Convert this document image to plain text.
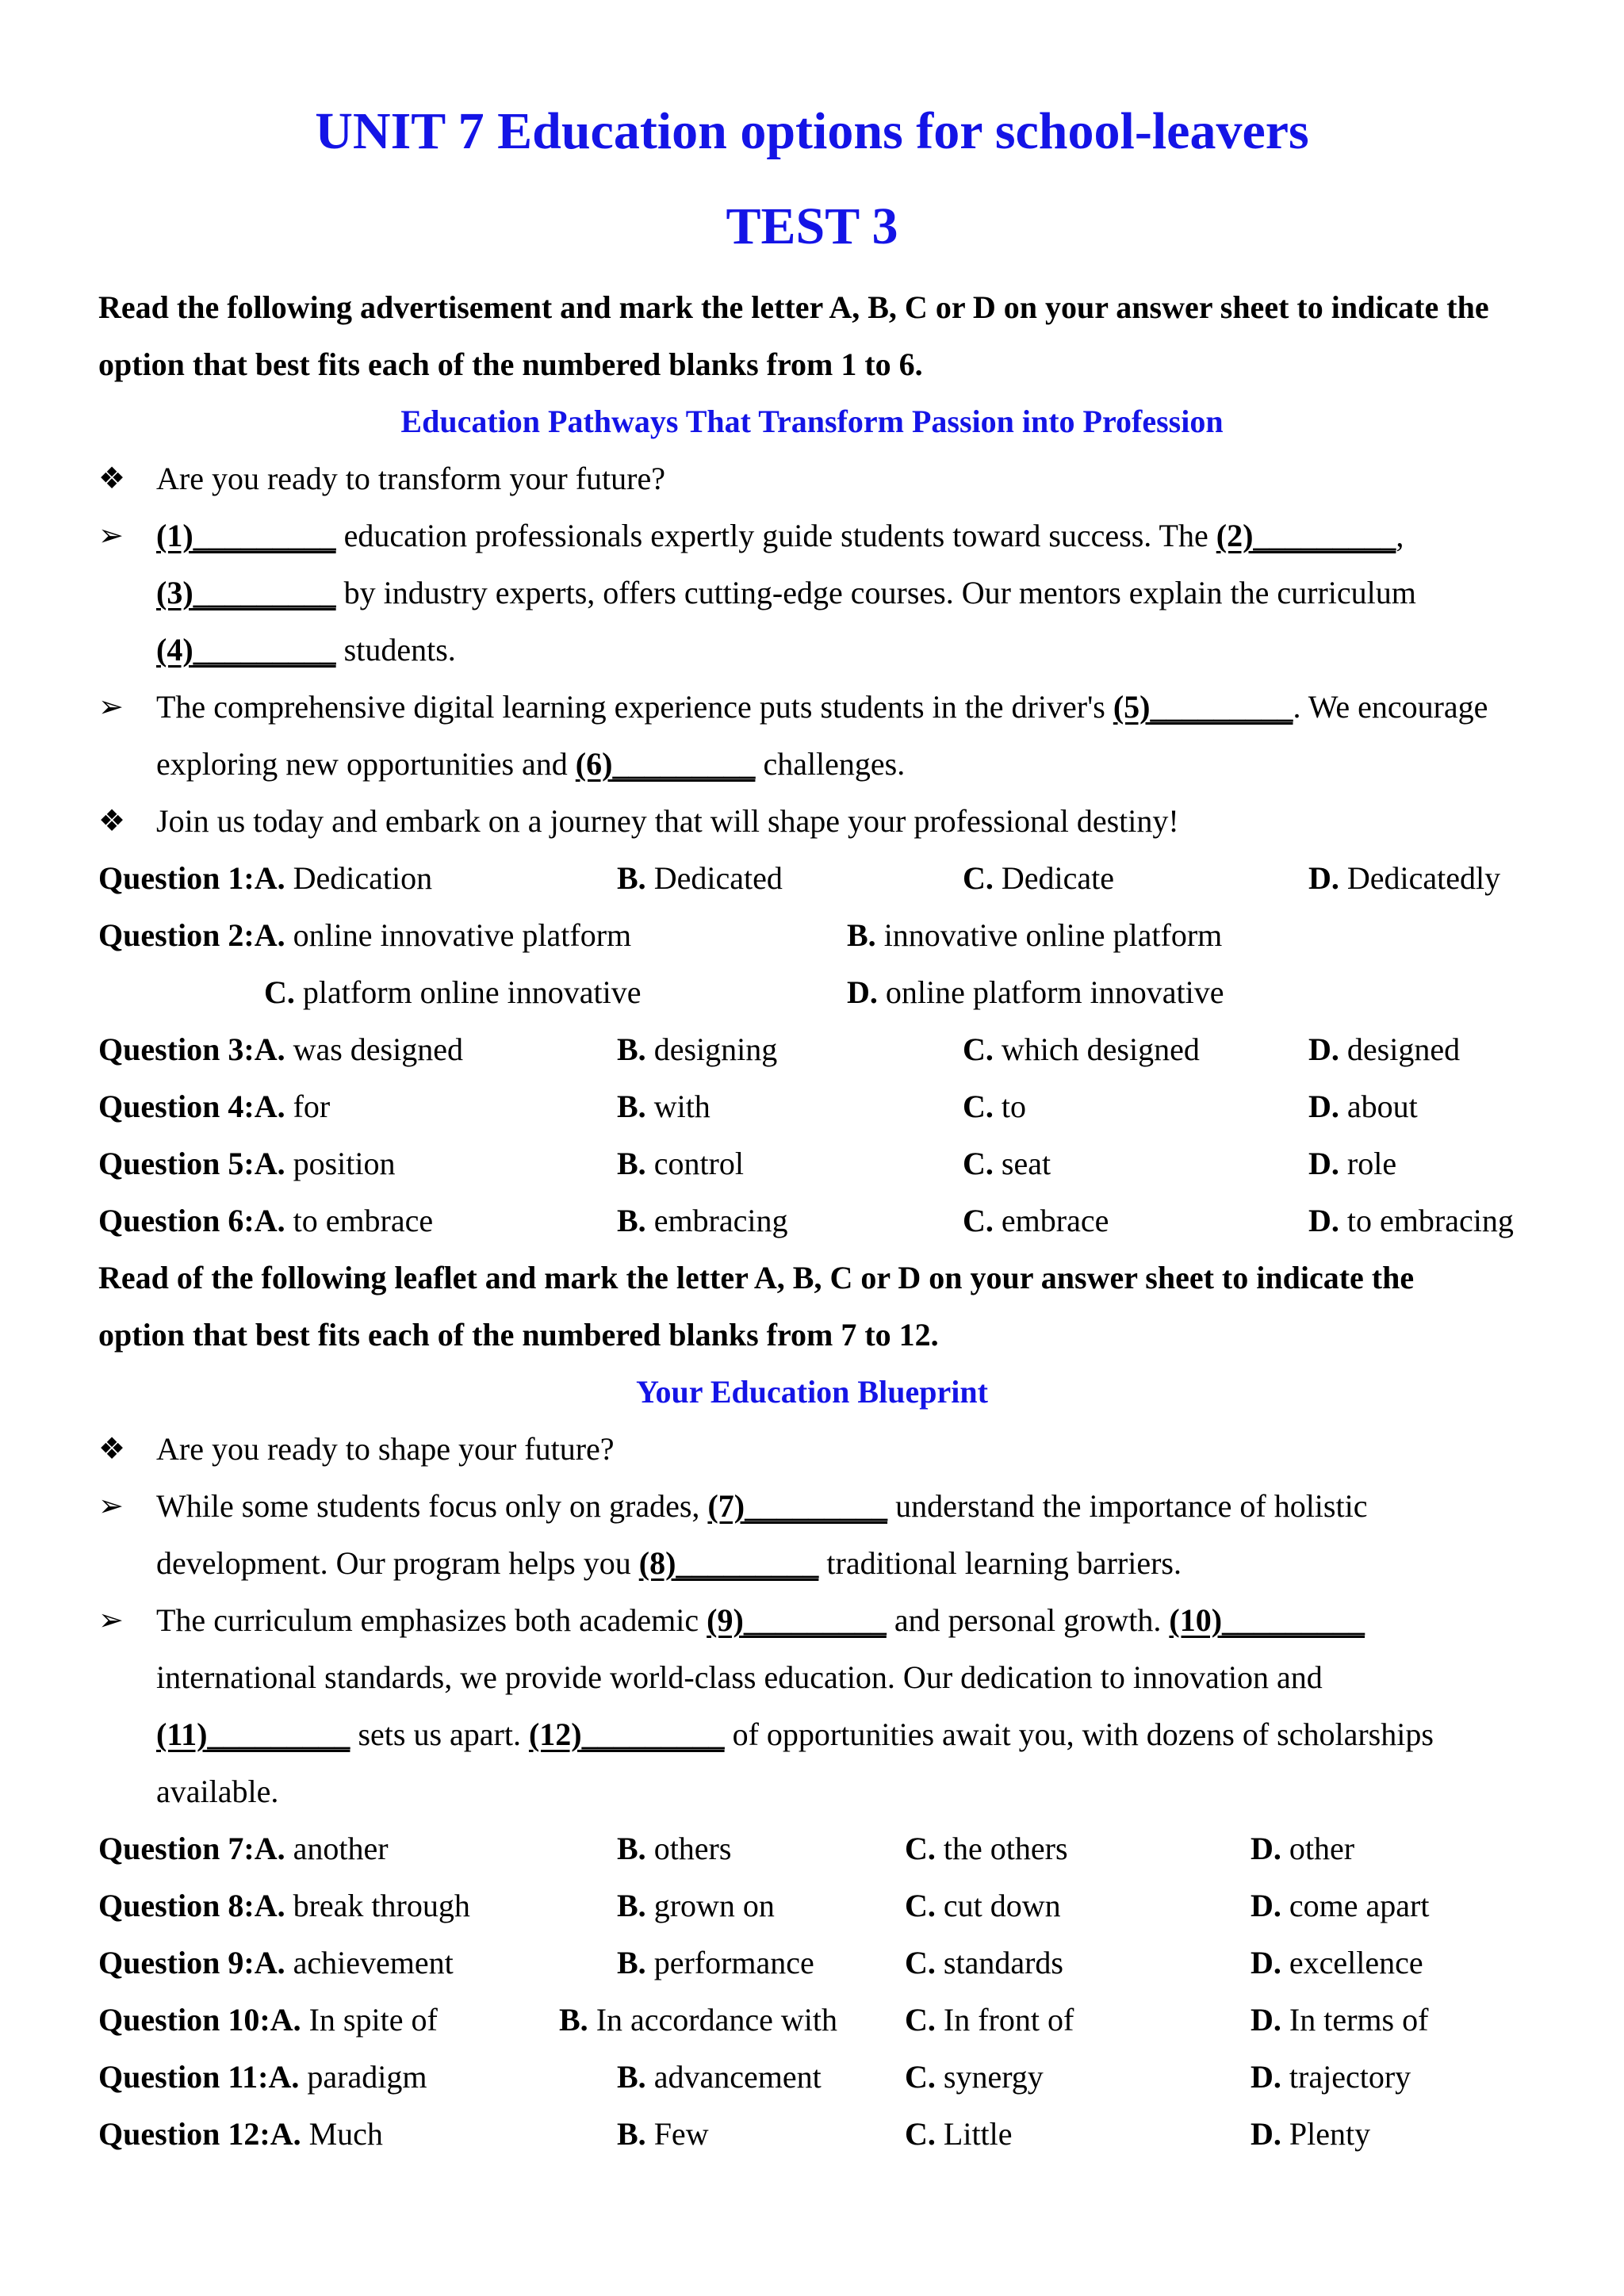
UNIT 7 Education options for school-leavers
TEST 3
Read the following advertisement and mark the letter A, B, C or D on your answer sheet to indicate the
option that best fits each of the numbered blanks from 1 to 6.
Education Pathways That Transform Passion into Profession
❖ Are you ready to transform your future?
➢ (1)_________ education professionals expertly guide students toward success. The (2)_________,
(3)_________ by industry experts, offers cutting-edge courses. Our mentors explain the curriculum
(4)_________ students.
➢ The comprehensive digital learning experience puts students in the driver's (5)_________. We encourage
exploring new opportunities and (6)_________ challenges.
❖ Join us today and embark on a journey that will shape your professional destiny!
Question 1:A. Dedication	B. Dedicated	C. Dedicate	D. Dedicatedly
Question 2:A. online innovative platform	B. innovative online platform
C. platform online innovative	D. online platform innovative
Question 3:A. was designed	B. designing	C. which designed	D. designed
Question 4:A. for	B. with	C. to	D. about
Question 5:A. position	B. control	C. seat	D. role
Question 6:A. to embrace	B. embracing	C. embrace	D. to embracing
Read of the following leaflet and mark the letter A, B, C or D on your answer sheet to indicate the
option that best fits each of the numbered blanks from 7 to 12.
Your Education Blueprint
❖ Are you ready to shape your future?
➢ While some students focus only on grades, (7)_________ understand the importance of holistic
development. Our program helps you (8)_________ traditional learning barriers.
➢ The curriculum emphasizes both academic (9)_________ and personal growth. (10)_________
international standards, we provide world-class education. Our dedication to innovation and
(11)_________ sets us apart. (12)_________ of opportunities await you, with dozens of scholarships
available.
Question 7:A. another	B. others	C. the others	D. other
Question 8:A. break through	B. grown on	C. cut down	D. come apart
Question 9:A. achievement	B. performance	C. standards	D. excellence
Question 10:A. In spite of	B. In accordance with C. In front of	D. In terms of
Question 11:A. paradigm	B. advancement	C. synergy	D. trajectory
Question 12:A. Much	B. Few	C. Little	D. Plenty
